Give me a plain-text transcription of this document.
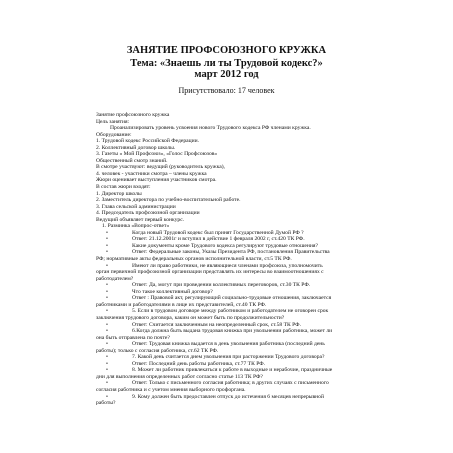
ЗАНЯТИЕ ПРОФСОЮЗНОГО КРУЖКА
Тема: «Знаешь ли ты Трудовой кодекс?»
март 2012 год
Присутствовало: 17 человек
Занятие профсоюзного кружка
Цель занятия:
Проанализировать уровень усвоения нового Трудового кодекса РФ членами кружка.
Оборудование:
1. Трудовой кодекс Российской Федерации.
2. Коллективный договор школы.
3. Газеты « Мой Профсоюз», «Голос Профсоюзов»
Общественный смотр знаний.
В смотре участвуют: ведущий (руководитель кружка),
4. человек - участники смотра – члены кружка
Жюри оценивает выступления участников смотра.
В состав жюри входят:
1. Директор школы
2. Заместитель директора по учебно-воспитательной работе.
3. Глава сельской администрации
4. Председатель профсоюзной организации
Ведущий объявляет первый конкурс.
1. Разминка «Вопрос-ответ»
• Когда новый Трудовой кодекс был принят Государственной Думой РФ ?
• Ответ: 21.12.2001г и вступил в действие 1 февраля 2002 г, ст.420 ТК РФ.
• Какие документы кроме Трудового кодекса регулируют трудовые отношения?
• Ответ: Федеральные законы, Указы Президента РФ, постановления Правительства
РФ; нормативные акты федеральных органов исполнительной власти, ст.5 ТК РФ.
• Имеют ли право работники, не являющиеся членами профсоюза, уполномочить
орган первичной профсоюзной организации представлять их интересы во взаимоотношениях с
работодателем?
• Ответ: Да, могут при проведении коллективных переговоров, ст.30 ТК РФ.
• Что такое коллективный договор?
• Ответ : Правовой акт, регулирующий социально-трудовые отношения, заключается
работниками и работодателями в лице их представителей, ст.40 ТК РФ.
• 5. Если в трудовом договоре между работником и работодателем не оговорен срок
заключения трудового договора, каким он может быть по продолжительности?
• Ответ: Считается заключенным на неопределенный срок, ст.58 ТК РФ.
• 6.Когда должна быть выдана трудовая книжка при увольнении работника, может ли
она быть отправлена по почте?
• Ответ: Трудовая книжка выдается в день увольнения работника (последний день
работы); только с согласия работника, ст.62 ТК РФ.
• 7. Какой день считается днем увольнения при расторжении Трудового договора?
• Ответ: Последний день работы работника, ст.77 ТК РФ.
• 8. Может ли работник привлекаться к работе в выходные и нерабочие, праздничные
дни для выполнения определенных работ согласно статье 113 ТК РФ?
• Ответ: Только с письменного согласия работника; в других случаях с письменного
согласия работника и с учетом мнения выборного профоргана.
• 9. Кому должен быть предоставлен отпуск до истечения 6 месяцев непрерывной
работы?
